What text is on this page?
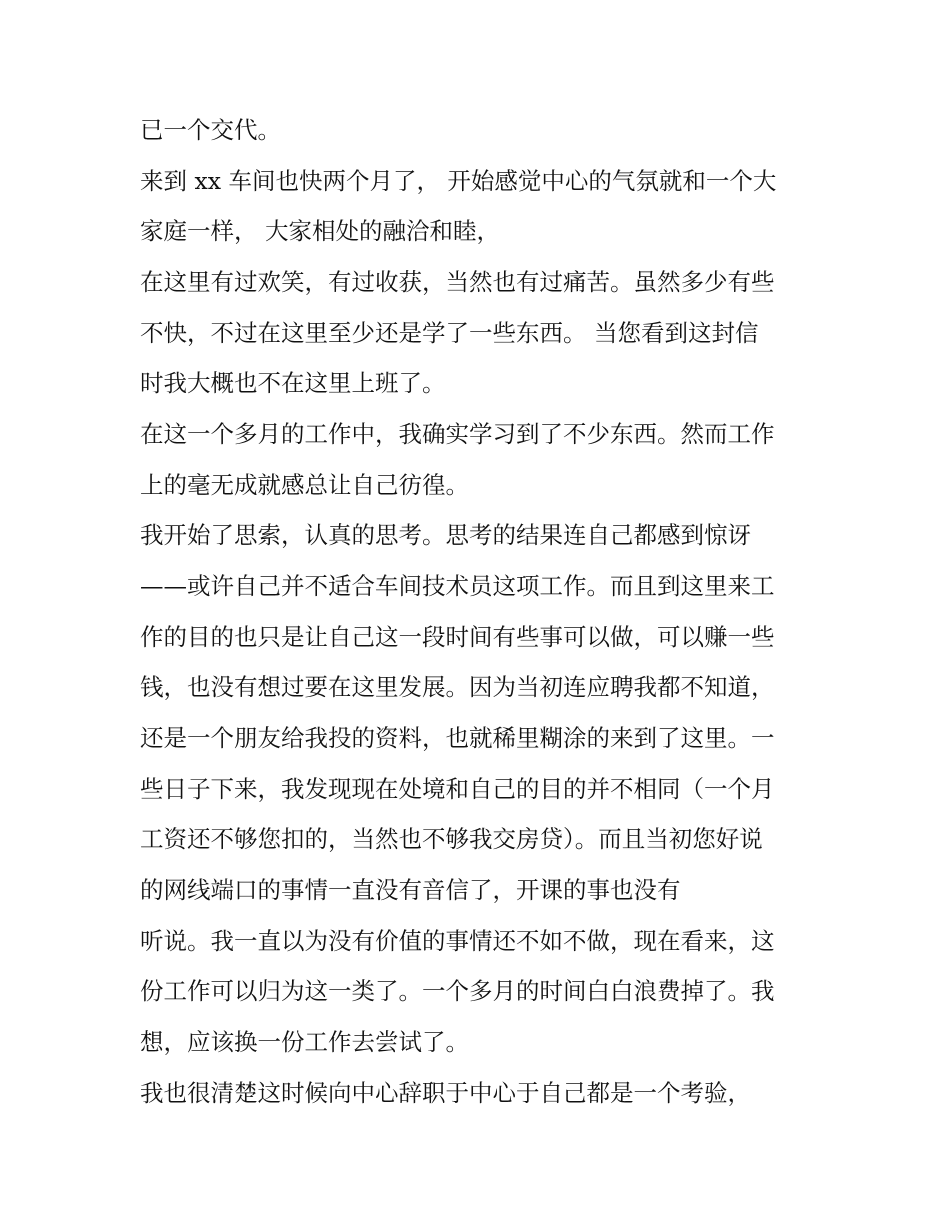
已一个交代。
来到 xx 车间也快两个月了， 开始感觉中心的气氛就和一个大
家庭一样， 大家相处的融洽和睦，
在这里有过欢笑，有过收获，当然也有过痛苦。虽然多少有些
不快，不过在这里至少还是学了一些东西。 当您看到这封信
时我大概也不在这里上班了。
在这一个多月的工作中，我确实学习到了不少东西。然而工作
上的毫无成就感总让自己彷徨。
我开始了思索，认真的思考。思考的结果连自己都感到惊讶
——或许自己并不适合车间技术员这项工作。而且到这里来工
作的目的也只是让自己这一段时间有些事可以做，可以赚一些
钱，也没有想过要在这里发展。因为当初连应聘我都不知道，
还是一个朋友给我投的资料，也就稀里糊涂的来到了这里。一
些日子下来，我发现现在处境和自己的目的并不相同（一个月
工资还不够您扣的，当然也不够我交房贷）。而且当初您好说
的网线端口的事情一直没有音信了，开课的事也没有
听说。我一直以为没有价值的事情还不如不做，现在看来，这
份工作可以归为这一类了。一个多月的时间白白浪费掉了。我
想，应该换一份工作去尝试了。
我也很清楚这时候向中心辞职于中心于自己都是一个考验，
